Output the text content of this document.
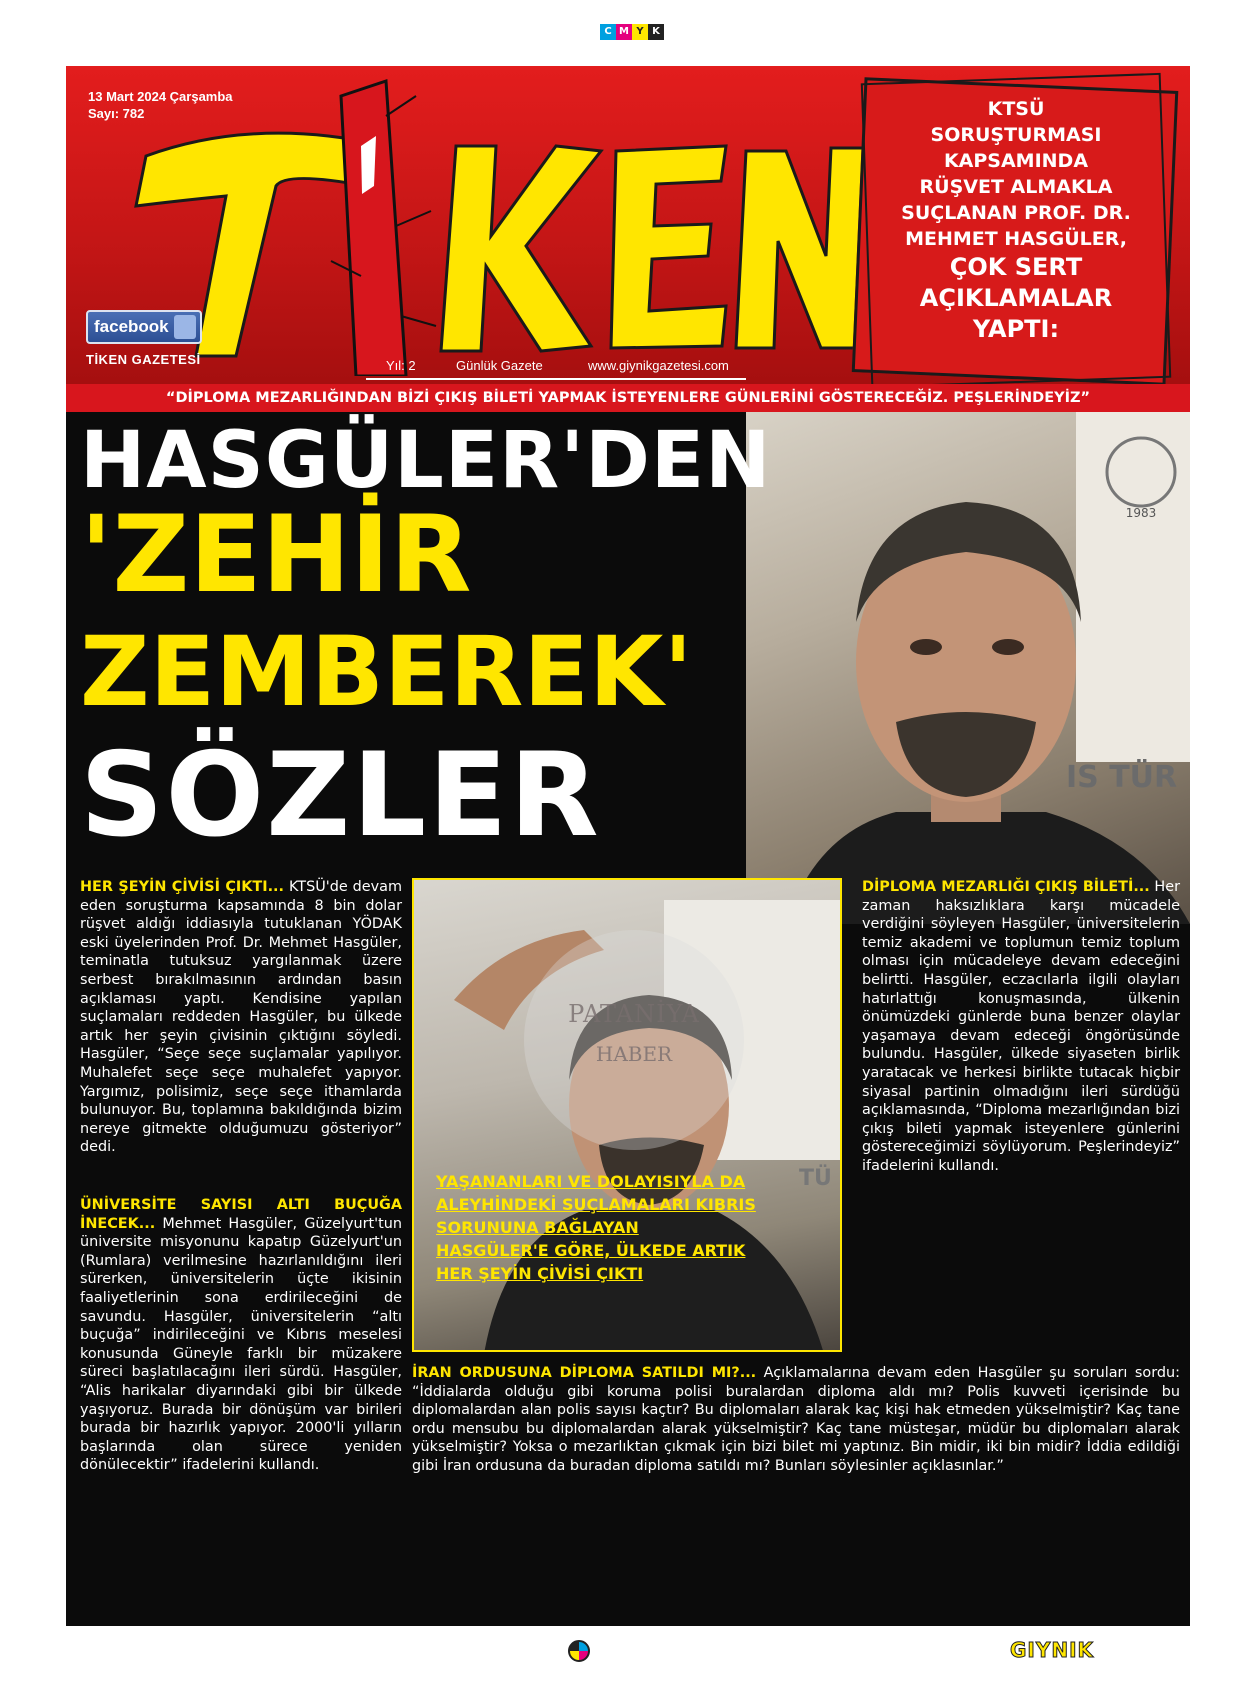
C M Y K
13 Mart 2024 Çarşamba
Sayı: 782
facebook
TİKEN GAZETESİ	Yıl: 2	Günlük Gazete	www.giynikgazetesi.com
KTSÜ
SORUŞTURMASI
KAPSAMINDA
RÜŞVET ALMAKLA
SUÇLANAN PROF. DR.
MEHMET HASGÜLER,
ÇOK SERT
AÇIKLAMALAR
YAPTI:
“DİPLOMA MEZARLIĞINDAN BİZİ ÇIKIŞ BİLETİ YAPMAK İSTEYENLERE GÜNLERİNİ GÖSTERECEĞİZ. PEŞLERİNDEYİZ”
1983
IS TÜR
HASGÜLER'DEN
'ZEHİR
ZEMBEREK'
SÖZLER
HER ŞEYİN ÇİVİSİ ÇIKTI... KTSÜ'de devam eden soruşturma kapsamında 8 bin dolar rüşvet aldığı iddiasıyla tutuklanan YÖDAK eski üyelerinden Prof. Dr. Mehmet Hasgüler, teminatla tutuksuz yargılanmak üzere serbest bırakılmasının ardından basın açıklaması yaptı. Kendisine yapılan suçlamaları reddeden Hasgüler, bu ülkede artık her şeyin çivisinin çıktığını söyledi. Hasgüler, “Seçe seçe suçlamalar yapılıyor. Muhalefet seçe seçe muhalefet yapıyor. Yargımız, polisimiz, seçe seçe ithamlarda bulunuyor. Bu, toplamına bakıldığında bizim nereye gitmekte olduğumuzu gösteriyor” dedi.
ÜNİVERSİTE SAYISI ALTI BUÇUĞA İNECEK... Mehmet Hasgüler, Güzelyurt'tun üniversite misyonunu kapatıp Güzelyurt'un (Rumlara) verilmesine hazırlanıldığını ileri sürerken, üniversitelerin üçte ikisinin faaliyetlerinin sona erdirileceğini de savundu. Hasgüler, üniversitelerin “altı buçuğa” indirileceğini ve Kıbrıs meselesi konusunda Güneyle farklı bir müzakere süreci başlatılacağını ileri sürdü. Hasgüler, “Alis harikalar diyarındaki gibi bir ülkede yaşıyoruz. Burada bir dönüşüm var birileri burada bir hazırlık yapıyor. 2000'li yılların başlarında olan sürece yeniden dönülecektir” ifadelerini kullandı.
TÜ
PATANİYA
HABER
YAŞANANLARI VE DOLAYISIYLA DA ALEYHİNDEKİ SUÇLAMALARI KIBRIS SORUNUNA BAĞLAYAN HASGÜLER'E GÖRE, ÜLKEDE ARTIK HER ŞEYİN ÇİVİSİ ÇIKTI
DİPLOMA MEZARLIĞI ÇIKIŞ BİLETİ... Her zaman haksızlıklara karşı mücadele verdiğini söyleyen Hasgüler, üniversitelerin temiz akademi ve toplumun temiz toplum olması için mücadeleye devam edeceğini belirtti. Hasgüler, eczacılarla ilgili olayları hatırlattığı konuşmasında, ülkenin önümüzdeki günlerde buna benzer olaylar yaşamaya devam edeceği öngörüsünde bulundu. Hasgüler, ülkede siyaseten birlik yaratacak ve herkesi birlikte tutacak hiçbir siyasal partinin olmadığını ileri sürdüğü açıklamasında, “Diploma mezarlığından bizi çıkış bileti yapmak isteyenlere günlerini göstereceğimizi söylüyorum. Peşlerindeyiz” ifadelerini kullandı.
İRAN ORDUSUNA DİPLOMA SATILDI MI?... Açıklamalarına devam eden Hasgüler şu soruları sordu: “İddialarda olduğu gibi koruma polisi buralardan diploma aldı mı? Polis kuvveti içerisinde bu diplomalardan alan polis sayısı kaçtır? Bu diplomaları alarak kaç kişi hak etmeden yükselmiştir? Kaç tane ordu mensubu bu diplomalardan alarak yükselmiştir? Kaç tane müsteşar, müdür bu diplomaları alarak yükselmiştir? Yoksa o mezarlıktan çıkmak için bizi bilet mi yaptınız. Bin midir, iki bin midir? İddia edildiği gibi İran ordusuna da buradan diploma satıldı mı? Bunları söylesinler açıklasınlar.”
GIYNIK
